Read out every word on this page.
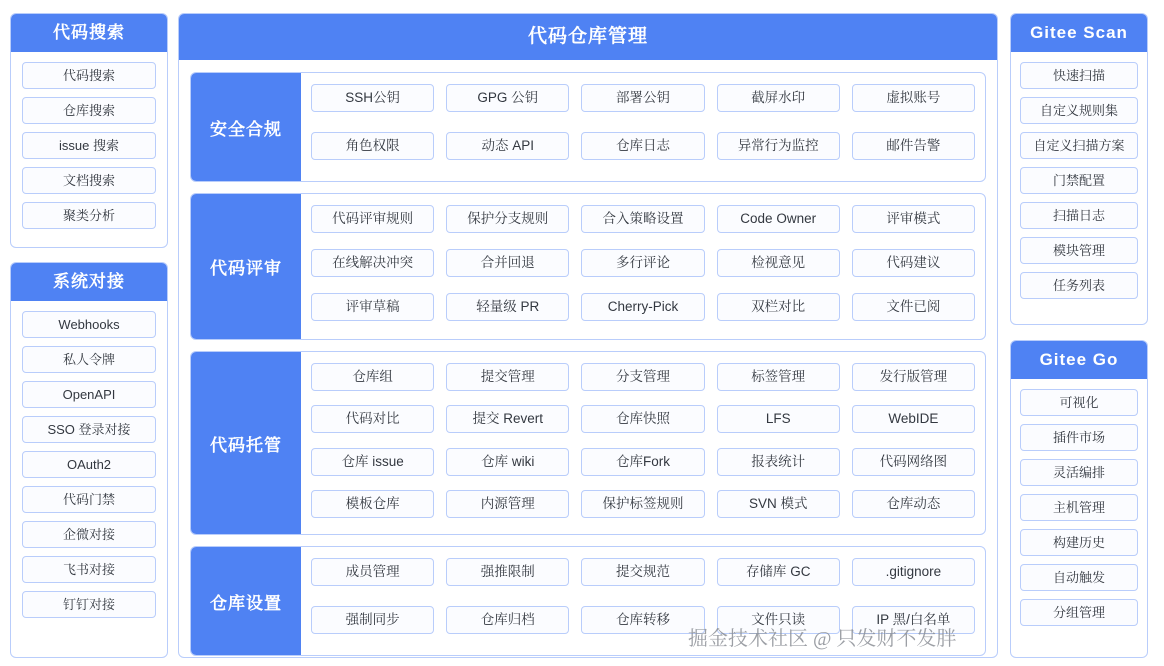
代码搜索
代码搜索
仓库搜索
issue 搜索
文档搜索
聚类分析
系统对接
Webhooks
私人令牌
OpenAPI
SSO 登录对接
OAuth2
代码门禁
企微对接
飞书对接
钉钉对接
代码仓库管理
安全合规
SSH公钥	GPG 公钥	部署公钥	截屏水印	虚拟账号
角色权限	动态 API	仓库日志	异常行为监控	邮件告警
代码评审
代码评审规则	保护分支规则	合入策略设置	Code Owner	评审模式
在线解决冲突	合并回退	多行评论	检视意见	代码建议
评审草稿	轻量级 PR	Cherry-Pick	双栏对比	文件已阅
代码托管
仓库组	提交管理	分支管理	标签管理	发行版管理
代码对比	提交 Revert	仓库快照	LFS	WebIDE
仓库 issue	仓库 wiki	仓库Fork	报表统计	代码网络图
模板仓库	内源管理	保护标签规则	SVN 模式	仓库动态
仓库设置
成员管理	强推限制	提交规范	存储库 GC	.gitignore
强制同步	仓库归档	仓库转移	文件只读	IP 黑/白名单
Gitee Scan
快速扫描
自定义规则集
自定义扫描方案
门禁配置
扫描日志
模块管理
任务列表
Gitee Go
可视化
插件市场
灵活编排
主机管理
构建历史
自动触发
分组管理
掘金技术社区 @ 只发财不发胖
